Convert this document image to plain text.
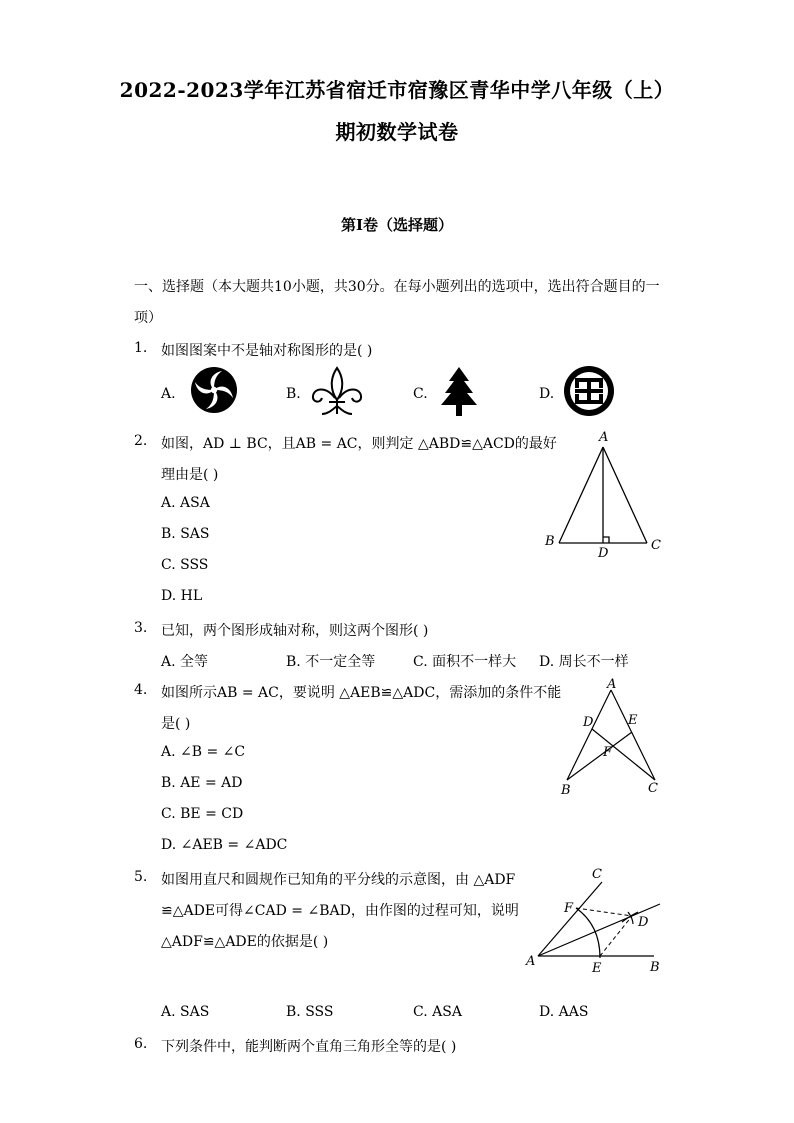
2022-2023学年江苏省宿迁市宿豫区青华中学八年级（上）
期初数学试卷
第I卷（选择题）
一、选择题（本大题共10小题，共30分。在每小题列出的选项中，选出符合题目的一
项）
1. 如图图案中不是轴对称图形的是( )
A.	B.	C.	D.
2. 如图，AD ⊥ BC，且AB = AC，则判定 △ABD≌△ACD的最好
理由是( )
A. ASA
B. SAS
C. SSS
D. HL
A
B	C
D
3. 已知，两个图形成轴对称，则这两个图形( )
A. 全等	B. 不一定全等	C. 面积不一样大 D. 周长不一样
4. 如图所示AB = AC，要说明 △AEB≌△ADC，需添加的条件不能
是( )
A. ∠B = ∠C
B. AE = AD
C. BE = CD
D. ∠AEB = ∠ADC
A
D	E
F
B	C
5. 如图用直尺和圆规作已知角的平分线的示意图，由 △ADF
≌△ADE可得∠CAD = ∠BAD，由作图的过程可知，说明
△ADF≌△ADE的依据是( )
C
F
D
A	E	B
A. SAS	B. SSS	C. ASA	D. AAS
6. 下列条件中，能判断两个直角三角形全等的是( )
